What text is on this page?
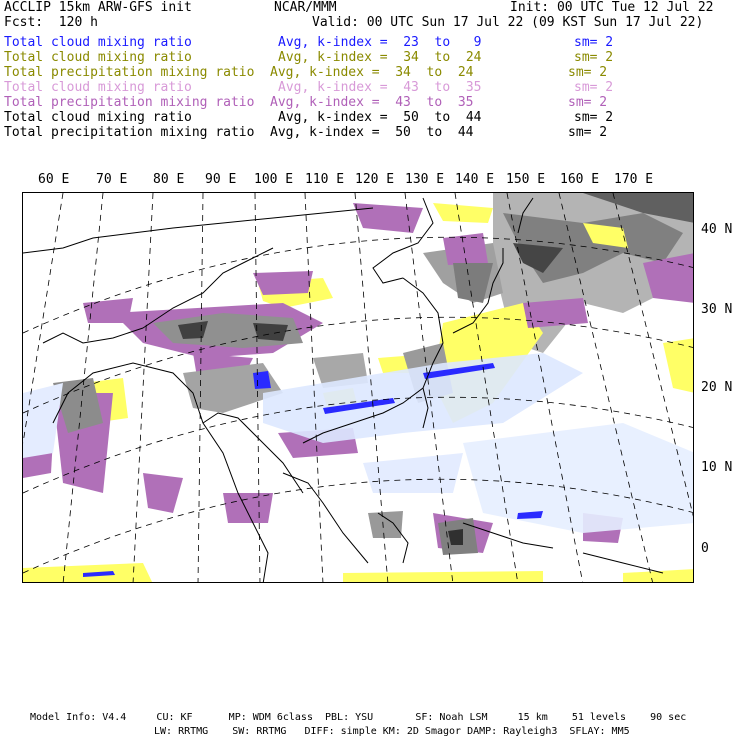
ACCLIP 15km ARW-GFS init	NCAR/MMM	Init: 00 UTC Tue 12 Jul 22
Fcst:  120 h	Valid: 00 UTC Sun 17 Jul 22 (09 KST Sun 17 Jul 22)
Total cloud mixing ratio	Avg, k-index =  23  to   9	sm= 2
Total cloud mixing ratio	Avg, k-index =  34  to  24	sm= 2
Total precipitation mixing ratio Avg, k-index =  34  to  24	sm= 2
Total cloud mixing ratio	Avg, k-index =  43  to  35	sm= 2
Total precipitation mixing ratio Avg, k-index =  43  to  35	sm= 2
Total cloud mixing ratio	Avg, k-index =  50  to  44	sm= 2
Total precipitation mixing ratio Avg, k-index =  50  to  44	sm= 2
60 E 70 E 80 E 90 E 100 E 110 E 120 E 130 E 140 E 150 E 160 E 170 E
40 N
30 N
20 N
10 N
0
Model Info: V4.4     CU: KF      MP: WDM 6class  PBL: YSU       SF: Noah LSM     15 km    51 levels    90 sec
LW: RRTMG    SW: RRTMG   DIFF: simple KM: 2D Smagor DAMP: Rayleigh3  SFLAY: MM5
